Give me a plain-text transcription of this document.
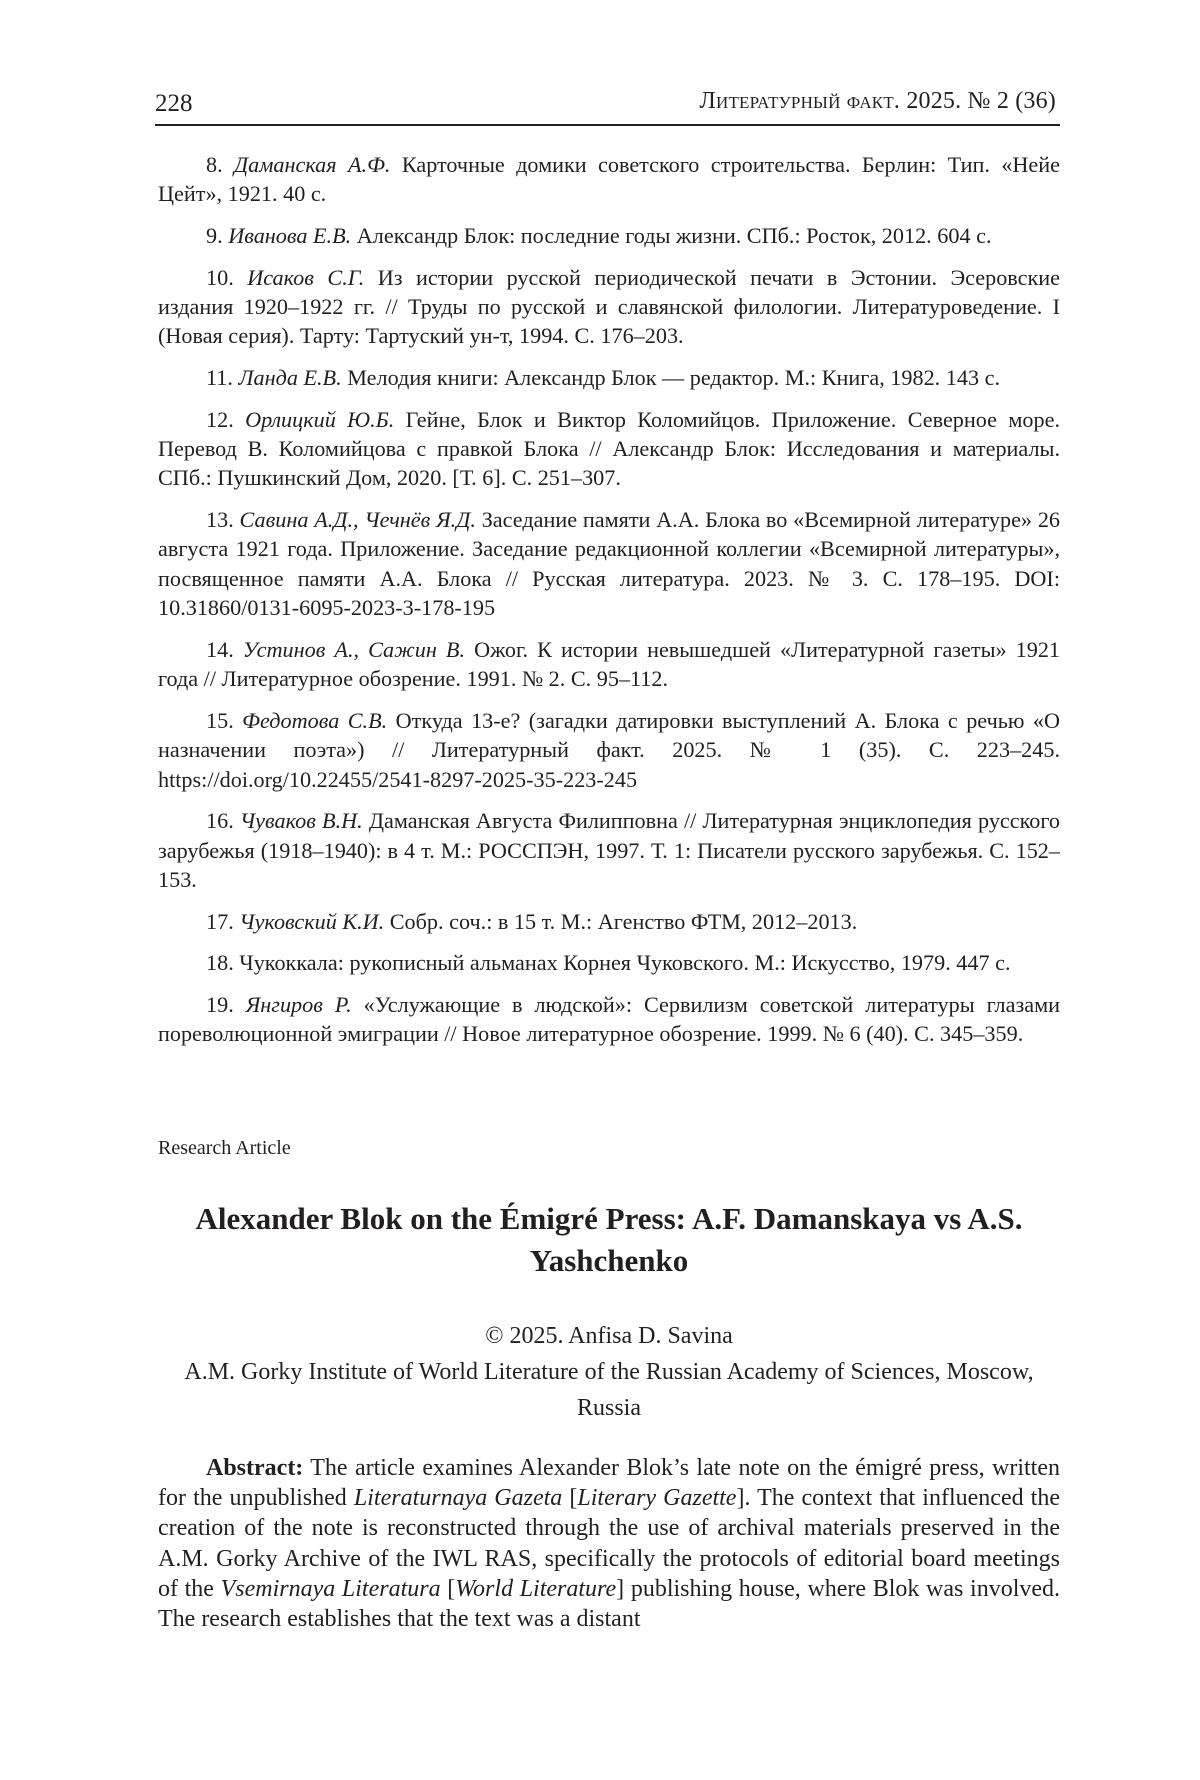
228	Литературный факт. 2025. № 2 (36)
8. Даманская А.Ф. Карточные домики советского строительства. Берлин: Тип. «Нейе Цейт», 1921. 40 с.
9. Иванова Е.В. Александр Блок: последние годы жизни. СПб.: Росток, 2012. 604 с.
10. Исаков С.Г. Из истории русской периодической печати в Эстонии. Эсеровские издания 1920–1922 гг. // Труды по русской и славянской филологии. Литературоведение. I (Новая серия). Тарту: Тартуский ун-т, 1994. С. 176–203.
11. Ланда Е.В. Мелодия книги: Александр Блок — редактор. М.: Книга, 1982. 143 с.
12. Орлицкий Ю.Б. Гейне, Блок и Виктор Коломийцов. Приложение. Северное море. Перевод В. Коломийцова с правкой Блока // Александр Блок: Исследования и материалы. СПб.: Пушкинский Дом, 2020. [Т. 6]. С. 251–307.
13. Савина А.Д., Чечнёв Я.Д. Заседание памяти А.А. Блока во «Всемирной литературе» 26 августа 1921 года. Приложение. Заседание редакционной коллегии «Всемирной литературы», посвященное памяти А.А. Блока // Русская литература. 2023. № 3. С. 178–195. DOI: 10.31860/0131-6095-2023-3-178-195
14. Устинов А., Сажин В. Ожог. К истории невышедшей «Литературной газеты» 1921 года // Литературное обозрение. 1991. № 2. С. 95–112.
15. Федотова С.В. Откуда 13-е? (загадки датировки выступлений А. Блока с речью «О назначении поэта») // Литературный факт. 2025. № 1 (35). С. 223–245. https://doi.org/10.22455/2541-8297-2025-35-223-245
16. Чуваков В.Н. Даманская Августа Филипповна // Литературная энциклопедия русского зарубежья (1918–1940): в 4 т. М.: РОССПЭН, 1997. Т. 1: Писатели русского зарубежья. С. 152–153.
17. Чуковский К.И. Собр. соч.: в 15 т. М.: Агенство ФТМ, 2012–2013.
18. Чукоккала: рукописный альманах Корнея Чуковского. М.: Искусство, 1979. 447 с.
19. Янгиров Р. «Услужающие в людской»: Сервилизм советской литературы глазами пореволюционной эмиграции // Новое литературное обозрение. 1999. № 6 (40). С. 345–359.
Research Article
Alexander Blok on the Émigré Press: A.F. Damanskaya vs A.S. Yashchenko
© 2025. Anfisa D. Savina
A.M. Gorky Institute of World Literature of the Russian Academy of Sciences, Moscow, Russia

Abstract: The article examines Alexander Blok’s late note on the émigré press, written for the unpublished Literaturnaya Gazeta [Literary Gazette]. The context that influenced the creation of the note is reconstructed through the use of archival materials preserved in the A.M. Gorky Archive of the IWL RAS, specifically the protocols of editorial board meetings of the Vsemirnaya Literatura [World Literature] publishing house, where Blok was involved. The research establishes that the text was a distant
